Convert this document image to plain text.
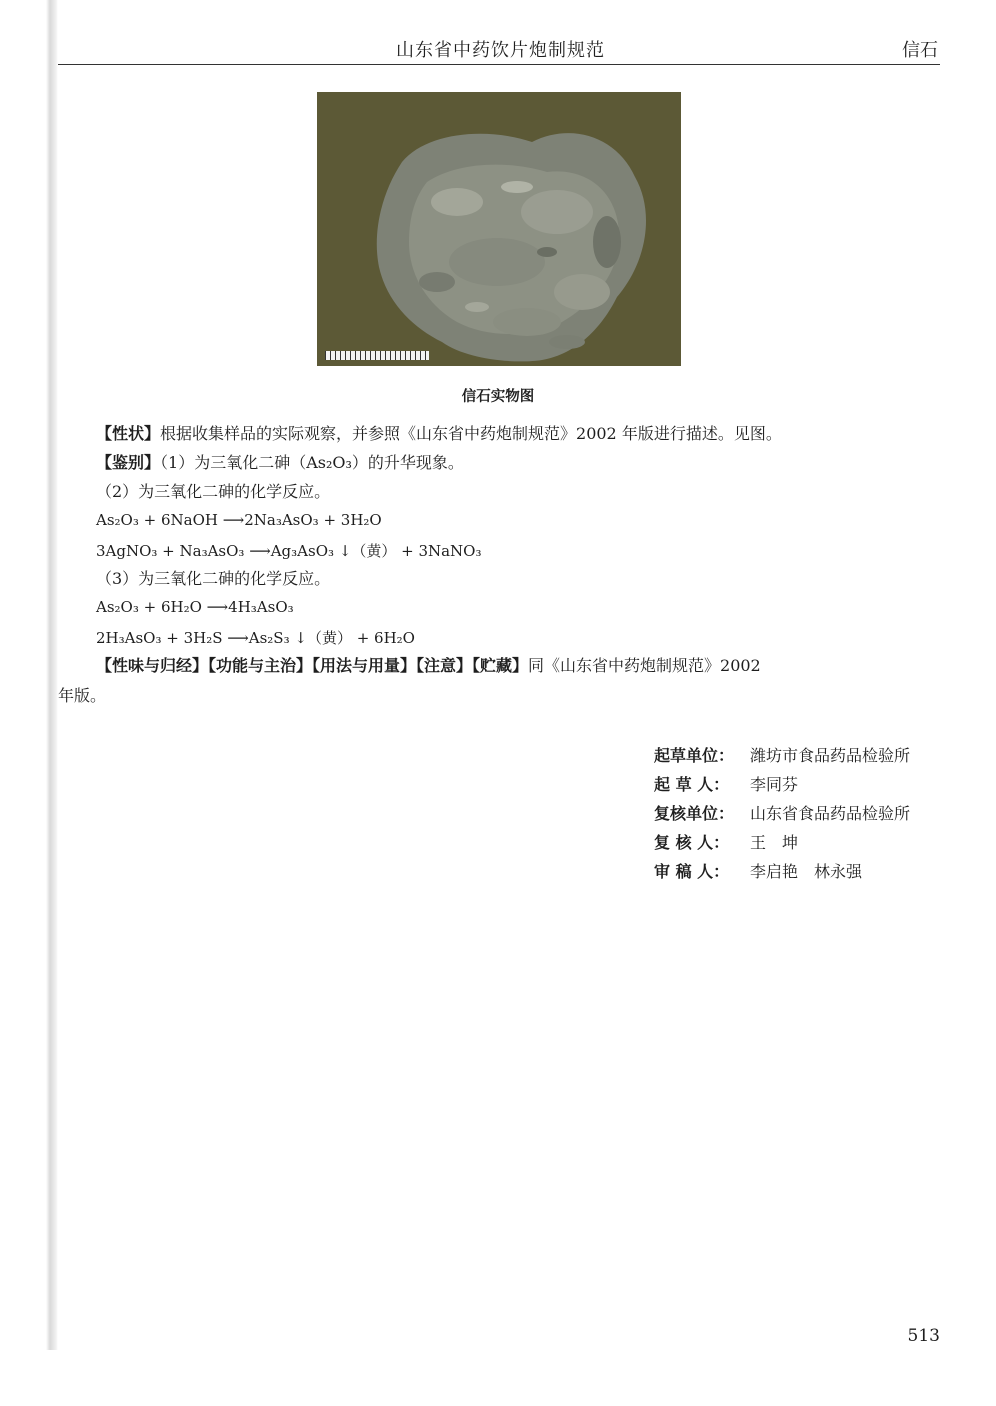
山东省中药饮片炮制规范	信石
信石实物图
【性状】根据收集样品的实际观察，并参照《山东省中药炮制规范》2002 年版进行描述。见图。
【鉴别】（1）为三氧化二砷（As₂O₃）的升华现象。
（2）为三氧化二砷的化学反应。
As₂O₃ + 6NaOH ⟶2Na₃AsO₃ + 3H₂O
3AgNO₃ + Na₃AsO₃ ⟶Ag₃AsO₃ ↓（黄） + 3NaNO₃
（3）为三氧化二砷的化学反应。
As₂O₃ + 6H₂O ⟶4H₃AsO₃
2H₃AsO₃ + 3H₂S ⟶As₂S₃ ↓（黄） + 6H₂O
【性味与归经】【功能与主治】【用法与用量】【注意】【贮藏】同《山东省中药炮制规范》2002
年版。
起草单位： 潍坊市食品药品检验所
起 草 人： 李同芬
复核单位： 山东省食品药品检验所
复 核 人： 王　坤
审 稿 人： 李启艳　林永强
513
